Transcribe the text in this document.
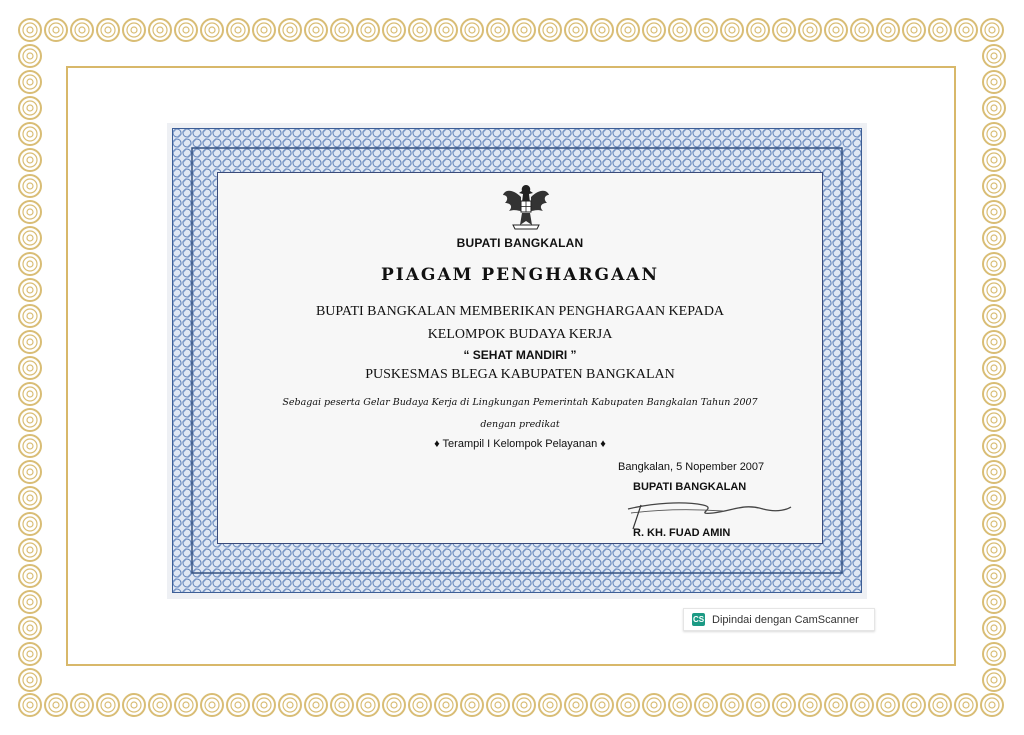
BUPATI BANGKALAN
PIAGAM PENGHARGAAN
BUPATI BANGKALAN MEMBERIKAN PENGHARGAAN KEPADA
KELOMPOK BUDAYA KERJA
“ SEHAT MANDIRI ”
PUSKESMAS BLEGA KABUPATEN BANGKALAN
Sebagai peserta Gelar Budaya Kerja di Lingkungan Pemerintah Kabupaten Bangkalan Tahun 2007
dengan predikat
♦ Terampil I Kelompok Pelayanan ♦
Bangkalan, 5 Nopember 2007
BUPATI BANGKALAN
R. KH. FUAD AMIN
CS Dipindai dengan CamScanner
